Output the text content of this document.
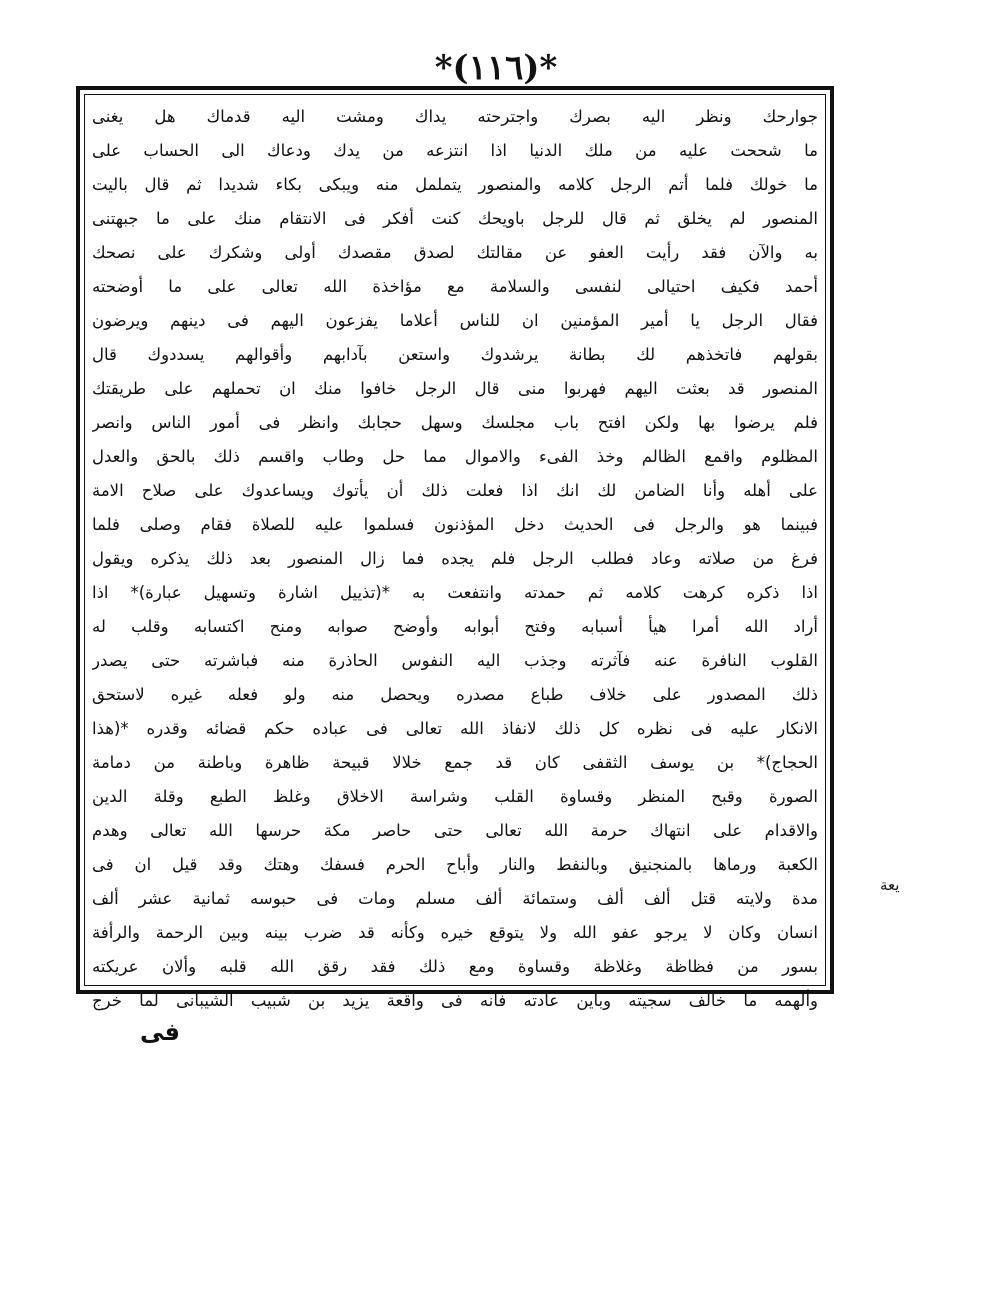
*(١١٦)*
جوارحك ونظر اليه بصرك واجترحته يداك ومشت اليه قدماك هل يغنى
ما شححت عليه من ملك الدنيا اذا انتزعه من يدك ودعاك الى الحساب على
ما خولك فلما أتم الرجل كلامه والمنصور يتململ منه ويبكى بكاء شديدا ثم قال باليت
المنصور لم يخلق ثم قال للرجل باويحك كنت أفكر فى الانتقام منك على ما جبهتنى
به والآن فقد رأيت العفو عن مقالتك لصدق مقصدك أولى وشكرك على نصحك
أحمد فكيف احتيالى لنفسى والسلامة مع مؤاخذة الله تعالى على ما أوضحته
فقال الرجل يا أمير المؤمنين ان للناس أعلاما يفزعون اليهم فى دينهم ويرضون
بقولهم فاتخذهم لك بطانة يرشدوك واستعن بآدابهم وأقوالهم يسددوك قال
المنصور قد بعثت اليهم فهربوا منى قال الرجل خافوا منك ان تحملهم على طريقتك
فلم يرضوا بها ولكن افتح باب مجلسك وسهل حجابك وانظر فى أمور الناس وانصر
المظلوم واقمع الظالم وخذ الفىء والاموال مما حل وطاب واقسم ذلك بالحق والعدل
على أهله وأنا الضامن لك انك اذا فعلت ذلك أن يأتوك ويساعدوك على صلاح الامة
فبينما هو والرجل فى الحديث دخل المؤذنون فسلموا عليه للصلاة فقام وصلى فلما
فرغ من صلاته وعاد فطلب الرجل فلم يجده فما زال المنصور بعد ذلك يذكره ويقول
اذا ذكره كرهت كلامه ثم حمدته وانتفعت به *(تذييل اشارة وتسهيل عبارة)* اذا
أراد الله أمرا هيأ أسبابه وفتح أبوابه وأوضح صوابه ومنح اكتسابه وقلب له
القلوب النافرة عنه فآثرته وجذب اليه النفوس الحاذرة منه فباشرته حتى يصدر
ذلك المصدور على خلاف طباع مصدره ويحصل منه ولو فعله غيره لاستحق
الانكار عليه فى نظره كل ذلك لانفاذ الله تعالى فى عباده حكم قضائه وقدره *(هذا
الحجاج)* بن يوسف الثقفى كان قد جمع خلالا قبيحة ظاهرة وباطنة من دمامة
الصورة وقبح المنظر وقساوة القلب وشراسة الاخلاق وغلظ الطبع وقلة الدين
والاقدام على انتهاك حرمة الله تعالى حتى حاصر مكة حرسها الله تعالى وهدم
الكعبة ورماها بالمنجنيق وبالنفط والنار وأباح الحرم فسفك وهتك وقد قيل ان فى
مدة ولايته قتل ألف ألف وستمائة ألف مسلم ومات فى حبوسه ثمانية عشر ألف
انسان وكان لا يرجو عفو الله ولا يتوقع خيره وكأنه قد ضرب بينه وبين الرحمة والرأفة
بسور من فظاظة وغلاظة وقساوة ومع ذلك فقد رقق الله قلبه وألان عريكته
وألهمه ما خالف سجيته وباين عادته فانه فى واقعة يزيد بن شبيب الشيبانى لما خرج
يعة
فى
